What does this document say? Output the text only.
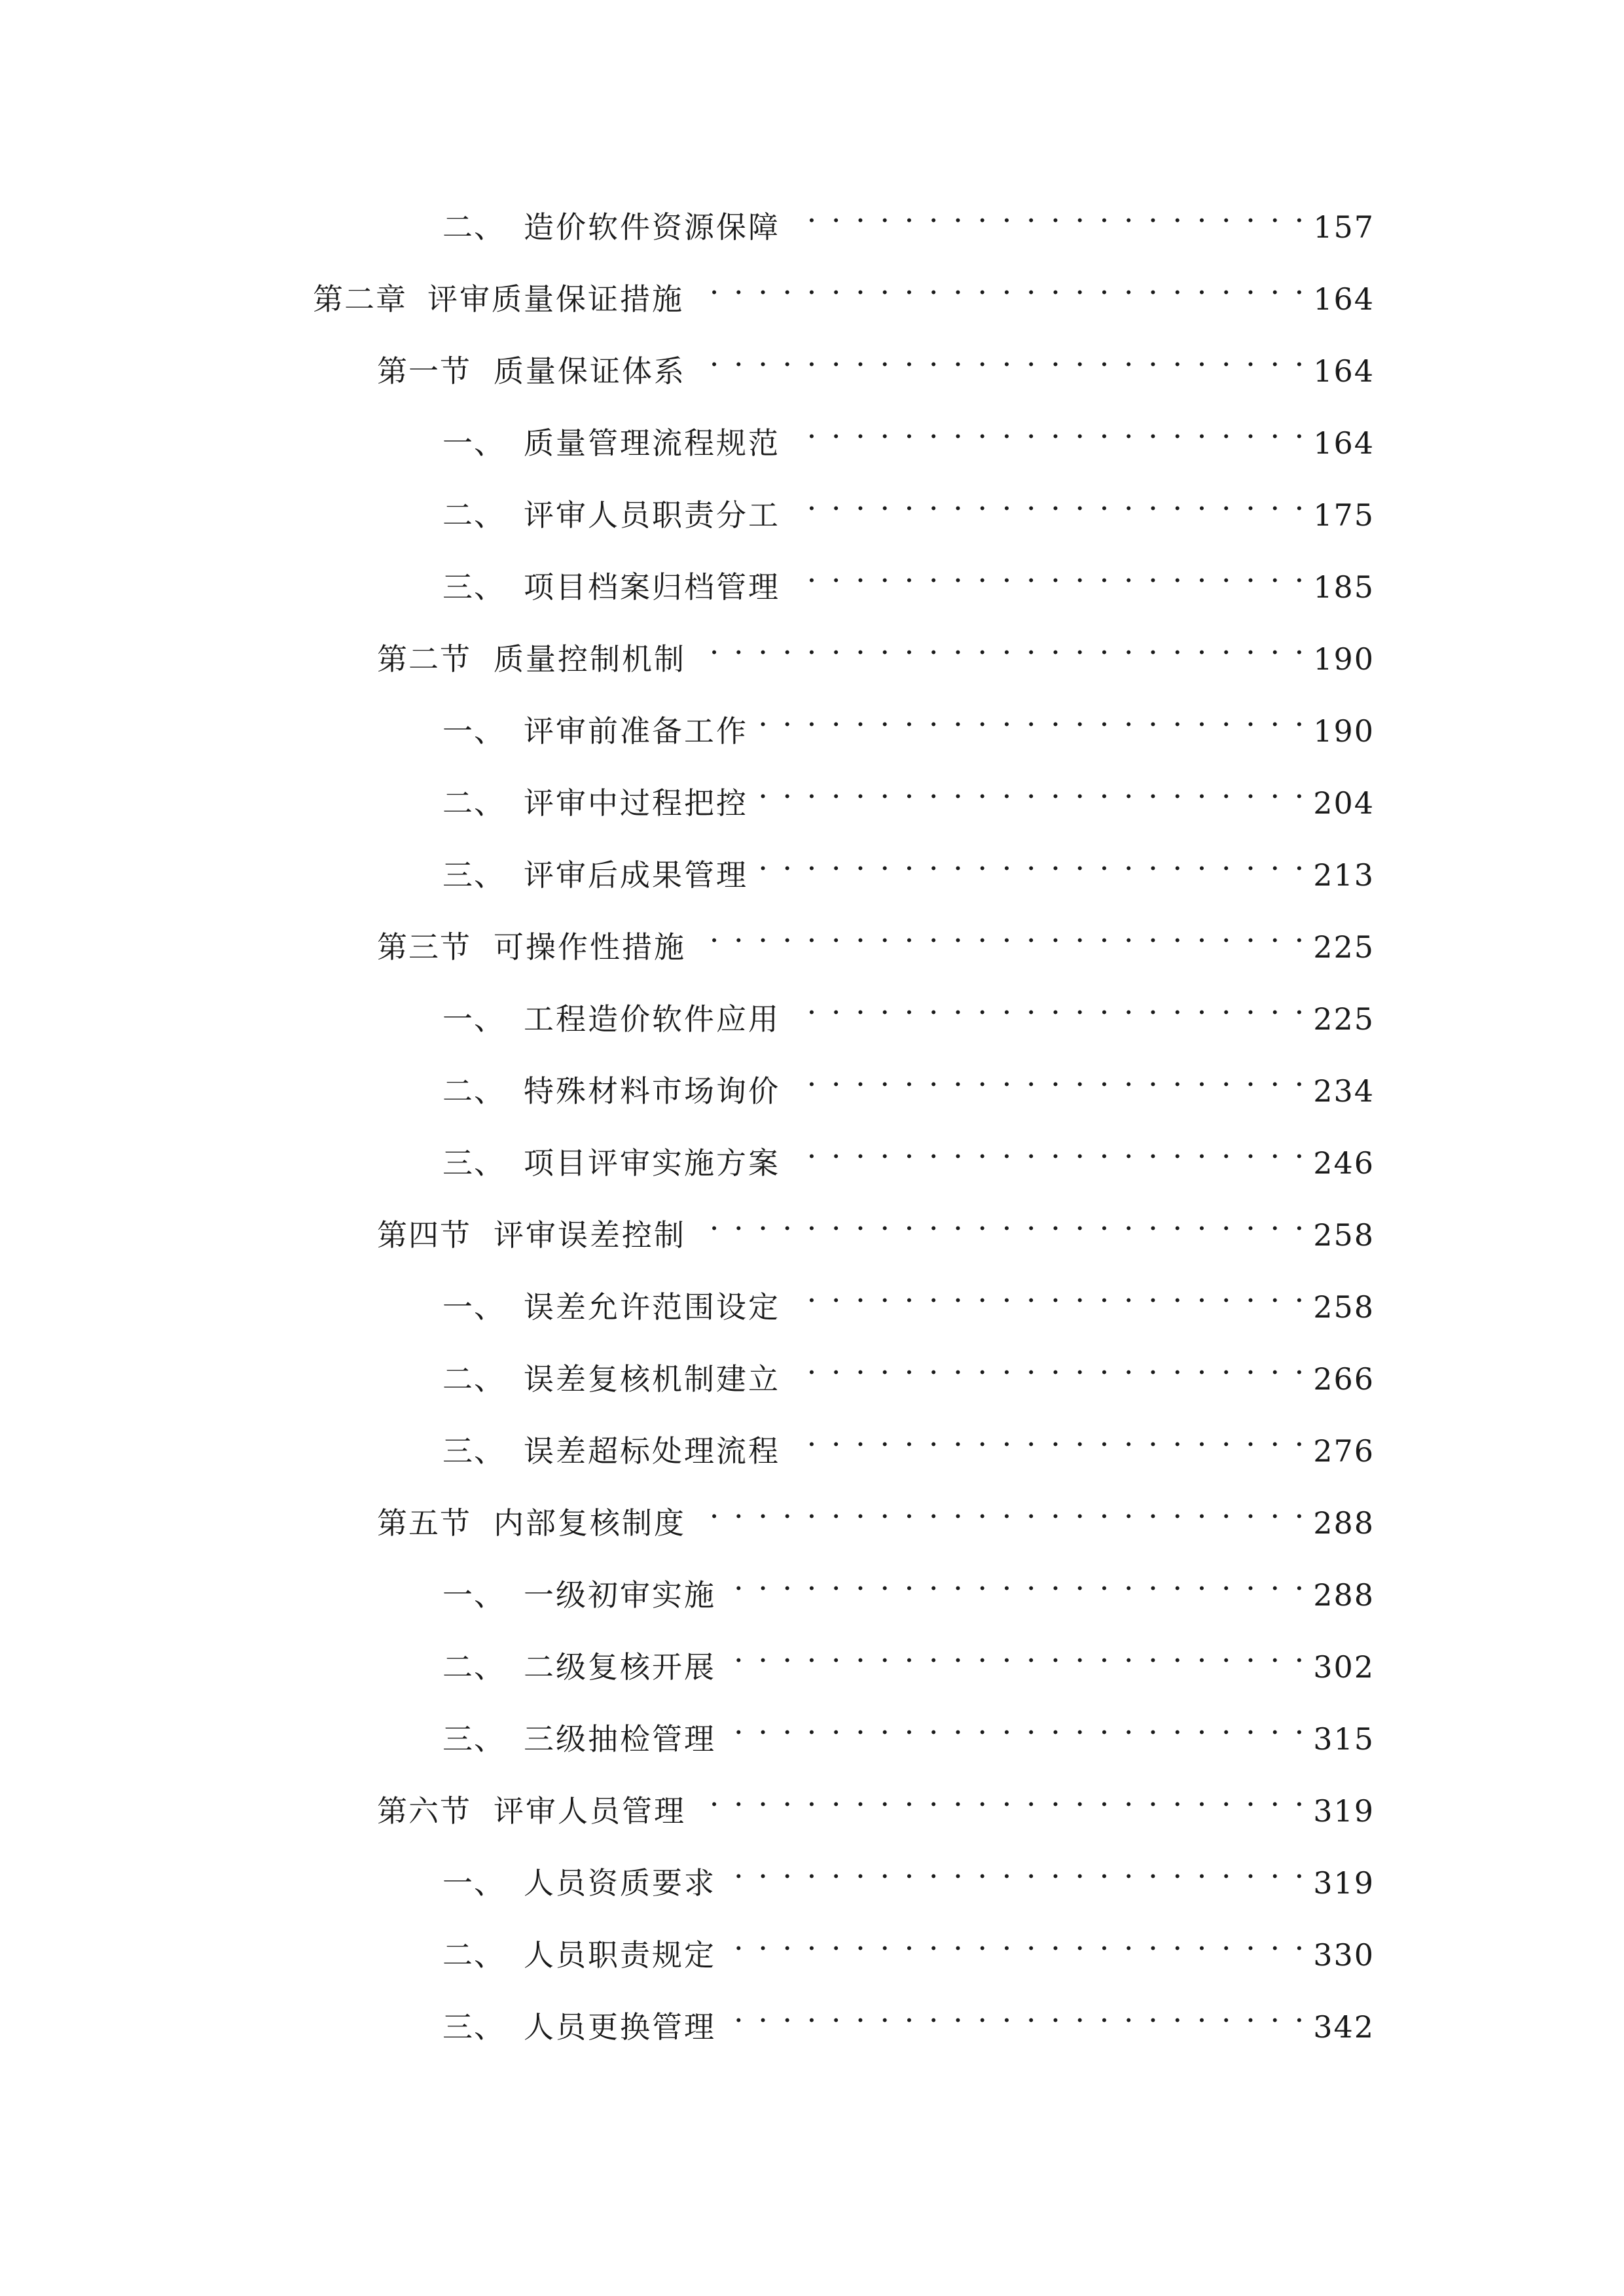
二、 造价软件资源保障 . . .	157
第二章 评审质量保证措施 . . .	164
第一节 质量保证体系 . . .	164
一、 质量管理流程规范 . . .	164
二、 评审人员职责分工 . . .	175
三、 项目档案归档管理 . . .	185
第二节 质量控制机制 . . .	190
一、 评审前准备工作 . . .	190
二、 评审中过程把控 . . .	204
三、 评审后成果管理 . . .	213
第三节 可操作性措施 . . .	225
一、 工程造价软件应用 . . .	225
二、 特殊材料市场询价 . . .	234
三、 项目评审实施方案 . . .	246
第四节 评审误差控制 . . .	258
一、 误差允许范围设定 . . .	258
二、 误差复核机制建立 . . .	266
三、 误差超标处理流程 . . .	276
第五节 内部复核制度 . . .	288
一、 一级初审实施 . . .	288
二、 二级复核开展 . . .	302
三、 三级抽检管理 . . .	315
第六节 评审人员管理 . . .	319
一、 人员资质要求 . . .	319
二、 人员职责规定 . . .	330
三、 人员更换管理 . . .	342
